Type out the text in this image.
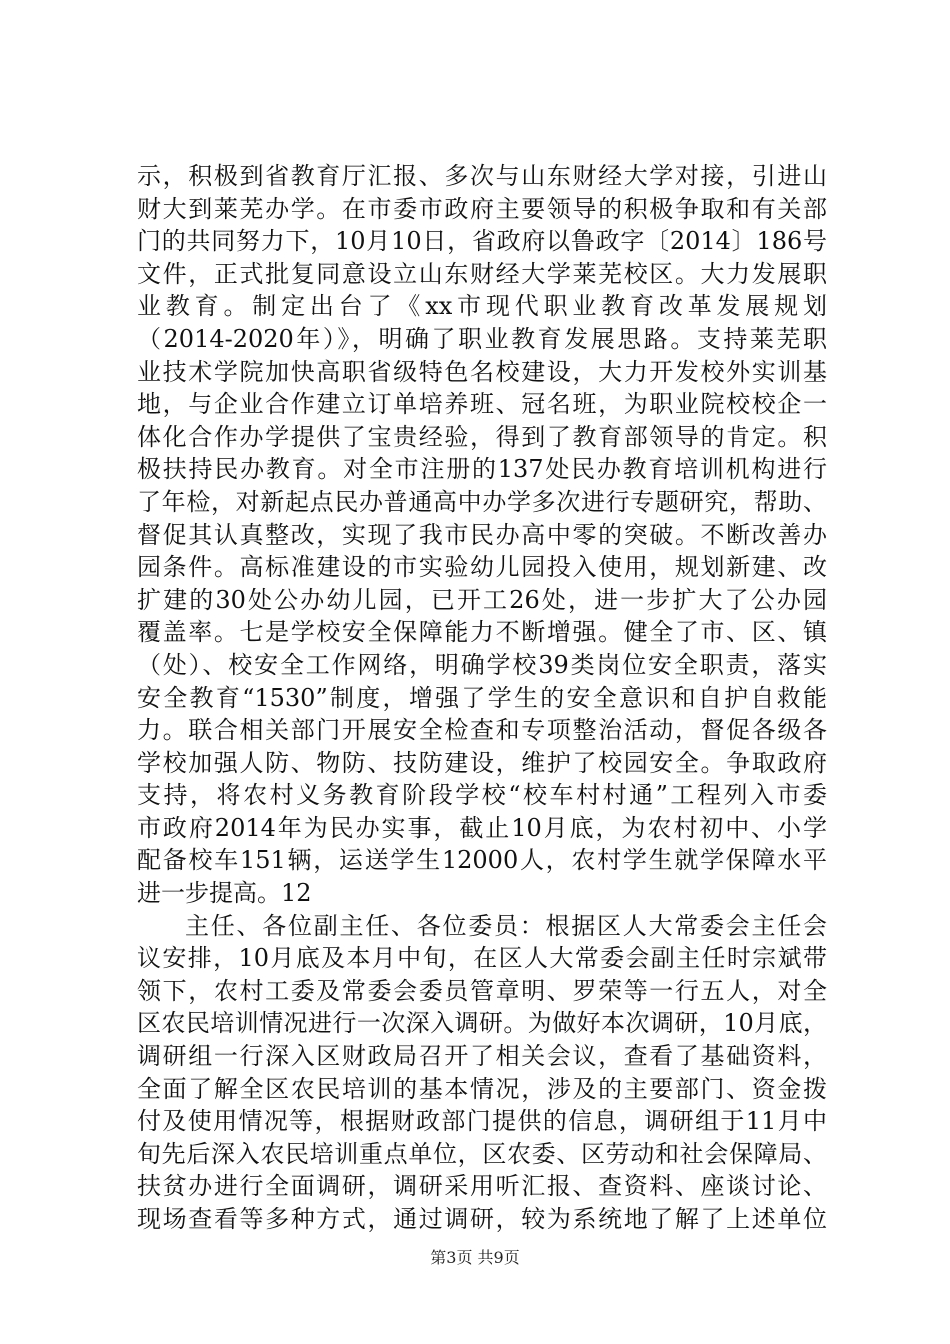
示，积极到省教育厅汇报、多次与山东财经大学对接，引进山
财大到莱芜办学。在市委市政府主要领导的积极争取和有关部
门的共同努力下，10月10日，省政府以鲁政字〔2014〕186号
文件，正式批复同意设立山东财经大学莱芜校区。大力发展职
业教育。制定出台了《xx市现代职业教育改革发展规划
（2014-2020年）》，明确了职业教育发展思路。支持莱芜职
业技术学院加快高职省级特色名校建设，大力开发校外实训基
地，与企业合作建立订单培养班、冠名班，为职业院校校企一
体化合作办学提供了宝贵经验，得到了教育部领导的肯定。积
极扶持民办教育。对全市注册的137处民办教育培训机构进行
了年检，对新起点民办普通高中办学多次进行专题研究，帮助、
督促其认真整改，实现了我市民办高中零的突破。不断改善办
园条件。高标准建设的市实验幼儿园投入使用，规划新建、改
扩建的30处公办幼儿园，已开工26处，进一步扩大了公办园
覆盖率。七是学校安全保障能力不断增强。健全了市、区、镇
（处）、校安全工作网络，明确学校39类岗位安全职责，落实
安全教育“1530”制度，增强了学生的安全意识和自护自救能
力。联合相关部门开展安全检查和专项整治活动，督促各级各
学校加强人防、物防、技防建设，维护了校园安全。争取政府
支持，将农村义务教育阶段学校“校车村村通”工程列入市委
市政府2014年为民办实事，截止10月底，为农村初中、小学
配备校车151辆，运送学生12000人，农村学生就学保障水平
进一步提高。12
主任、各位副主任、各位委员：根据区人大常委会主任会
议安排，10月底及本月中旬，在区人大常委会副主任时宗斌带
领下，农村工委及常委会委员管章明、罗荣等一行五人，对全
区农民培训情况进行一次深入调研。为做好本次调研，10月底，
调研组一行深入区财政局召开了相关会议，查看了基础资料，
全面了解全区农民培训的基本情况，涉及的主要部门、资金拨
付及使用情况等，根据财政部门提供的信息，调研组于11月中
旬先后深入农民培训重点单位，区农委、区劳动和社会保障局、
扶贫办进行全面调研，调研采用听汇报、查资料、座谈讨论、
现场查看等多种方式，通过调研，较为系统地了解了上述单位
第3页 共9页
